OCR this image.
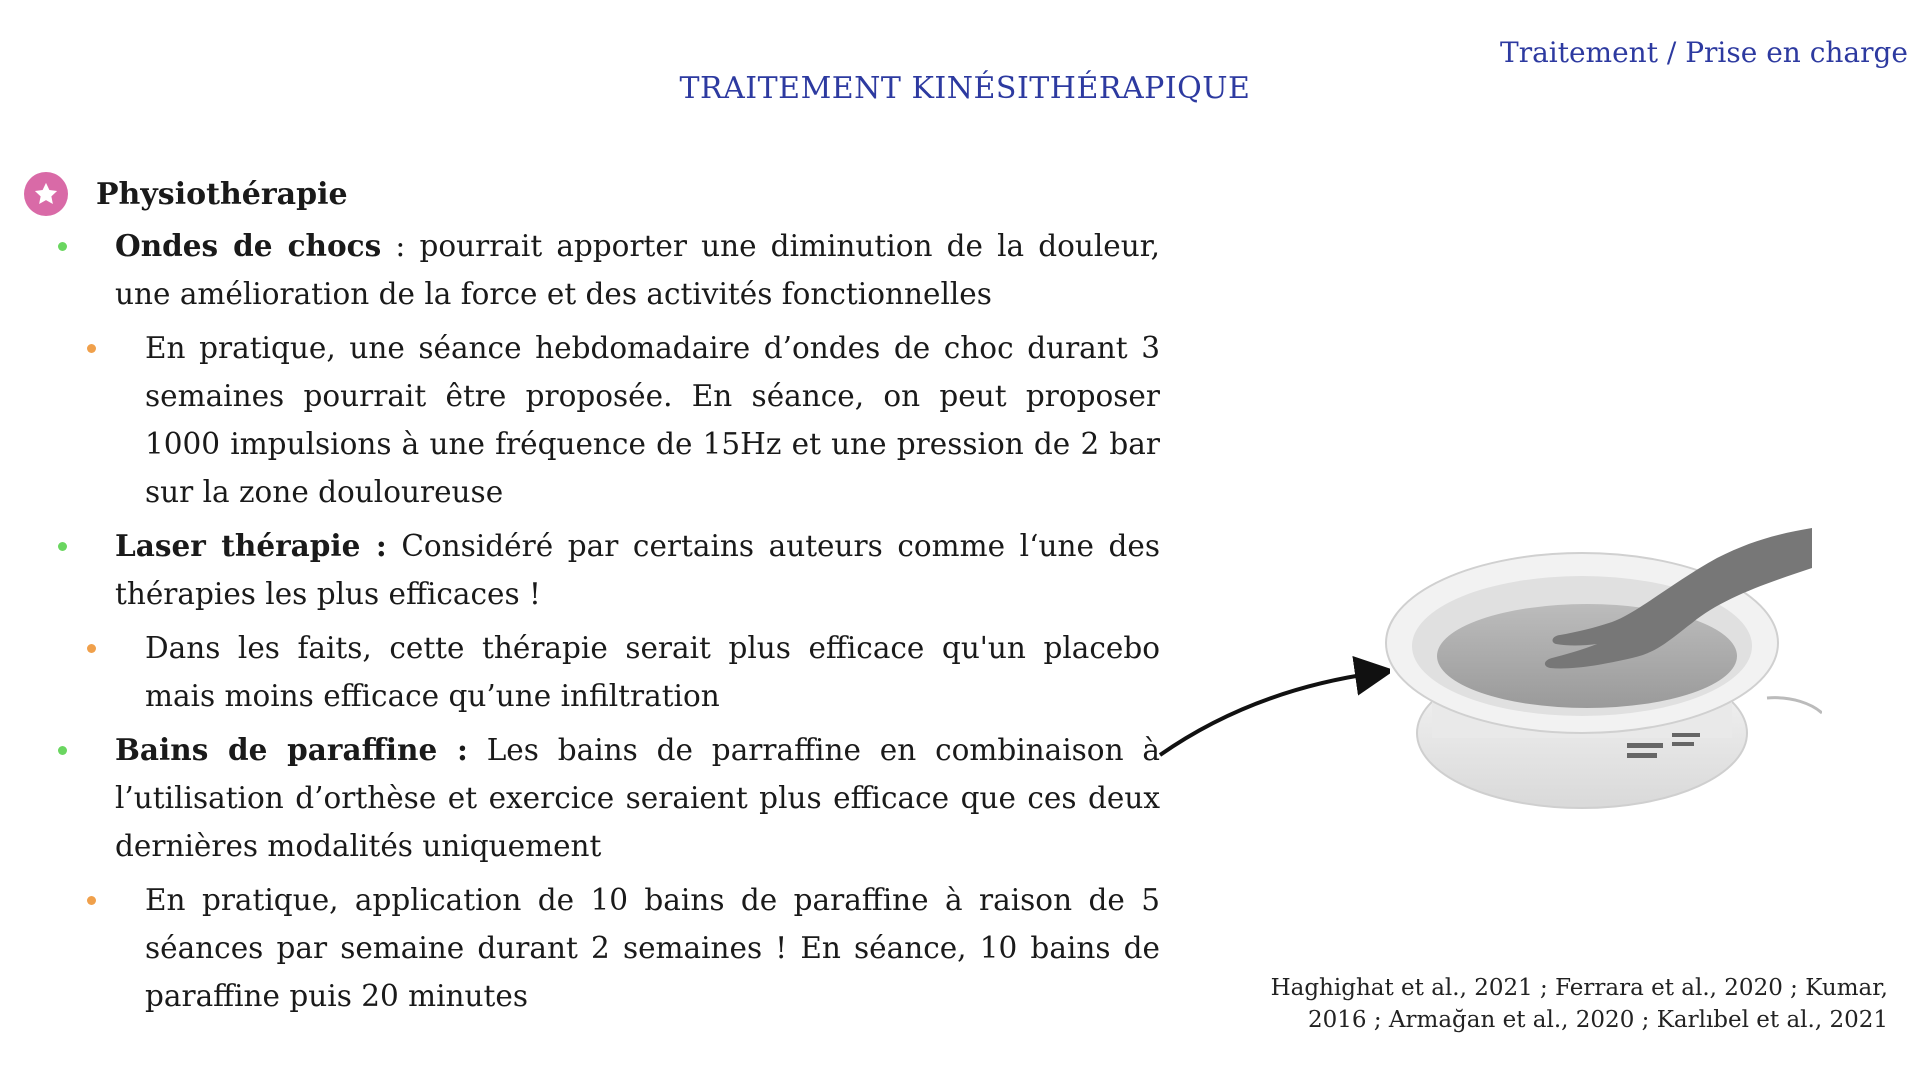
Traitement / Prise en charge
TRAITEMENT KINÉSITHÉRAPIQUE
Physiothérapie
Ondes de chocs : pourrait apporter une diminution de la douleur, une amélioration de la force et des activités fonctionnelles
En pratique, une séance hebdomadaire d’ondes de choc durant 3 semaines pourrait être proposée. En séance, on peut proposer 1000 impulsions à une fréquence de 15Hz et une pression de 2 bar sur la zone douloureuse
Laser thérapie : Considéré par certains auteurs comme l‘une des thérapies les plus efficaces !
Dans les faits, cette thérapie serait plus efficace qu'un placebo mais moins efficace qu’une infiltration
Bains de paraffine : Les bains de parraffine en combinaison à l’utilisation d’orthèse et exercice seraient plus efficace que ces deux dernières modalités uniquement
En pratique, application de 10 bains de paraffine à raison de 5 séances par semaine durant 2 semaines ! En séance, 10 bains de paraffine puis 20 minutes	Haghighat et al., 2021 ; Ferrara et al., 2020 ; Kumar, 2016 ; Armağan et al., 2020 ; Karlıbel et al., 2021
